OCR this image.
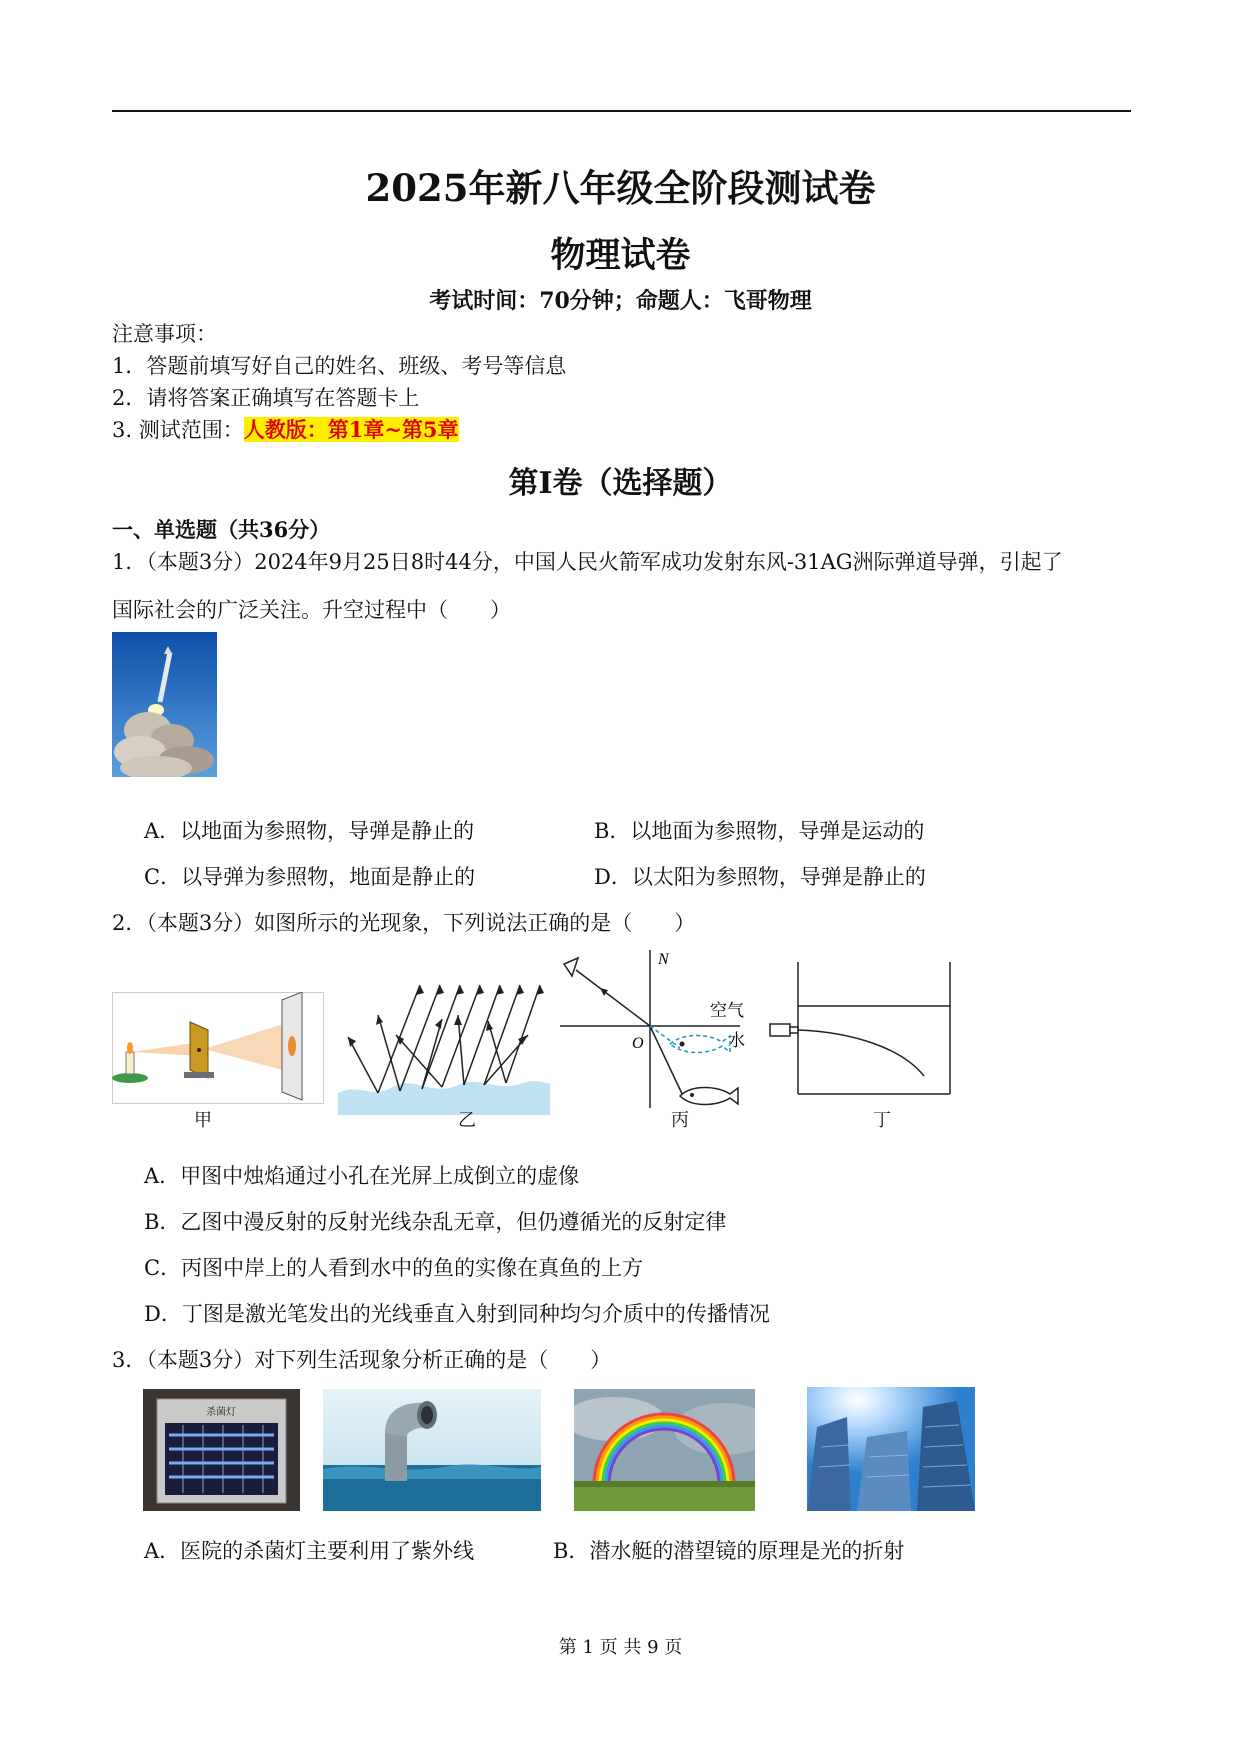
2025年新八年级全阶段测试卷
物理试卷
考试时间：70分钟；命题人：飞哥物理
注意事项：
1．答题前填写好自己的姓名、班级、考号等信息
2．请将答案正确填写在答题卡上
3. 测试范围：人教版：第1章~第5章
第Ⅰ卷（选择题）
一、单选题（共36分）
1．（本题3分）2024年9月25日8时44分，中国人民火箭军成功发射东风-31AG洲际弹道导弹，引起了
国际社会的广泛关注。升空过程中（　　）
A．以地面为参照物，导弹是静止的	B．以地面为参照物，导弹是运动的
C．以导弹为参照物，地面是静止的	D．以太阳为参照物，导弹是静止的
2．（本题3分）如图所示的光现象，下列说法正确的是（　　）
N
O
空气
水
甲	乙	丙	丁
A．甲图中烛焰通过小孔在光屏上成倒立的虚像
B．乙图中漫反射的反射光线杂乱无章，但仍遵循光的反射定律
C．丙图中岸上的人看到水中的鱼的实像在真鱼的上方
D．丁图是激光笔发出的光线垂直入射到同种均匀介质中的传播情况
3．（本题3分）对下列生活现象分析正确的是（　　）
杀菌灯
A．医院的杀菌灯主要利用了紫外线	B．潜水艇的潜望镜的原理是光的折射
第 1 页 共 9 页
